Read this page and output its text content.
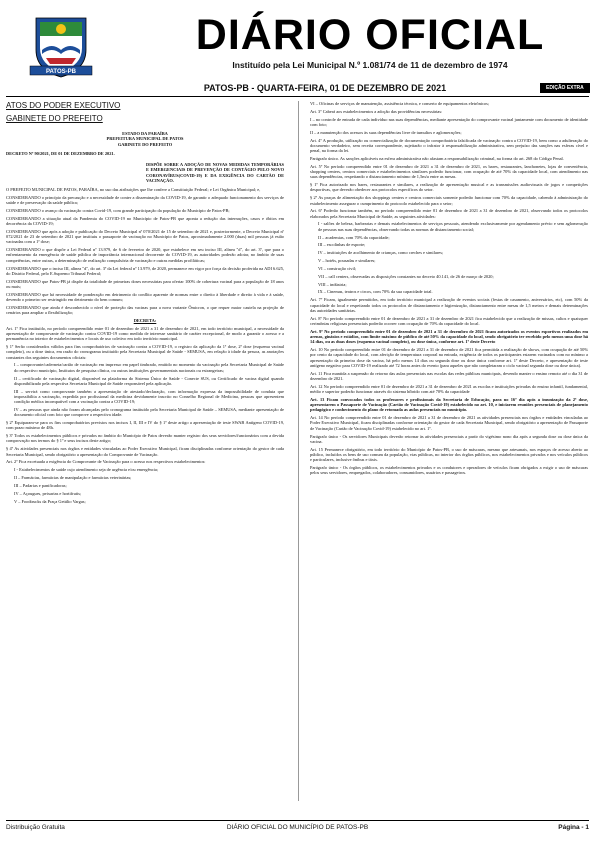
PATOS-PB
DIÁRIO OFICIAL
Instituído pela Lei Municipal N.º 1.081/74 de 11 de dezembro de 1974
PATOS-PB - QUARTA-FEIRA, 01 DE DEZEMBRO DE 2021	EDIÇÃO EXTRA

ATOS DO PODER EXECUTIVO

GABINETE DO PREFEITO

ESTADO DA PARAÍBA

PREFEITURA MUNICIPAL DE PATOS

GABINETE DO PREFEITO

DECRETO Nº 90/2021, DE 01 DE DEZEMBRO DE 2021.

DISPÕE SOBRE A ADOÇÃO DE NOVAS MEDIDAS TEMPORÁRIAS E EMERGENCIAIS DE PREVENÇÃO DE CONTÁGIO PELO NOVO CORONAVÍRUS(COVID-19) E DA EXIGÊNCIA DO CARTÃO DE VACINAÇÃO.

O PREFEITO MUNICIPAL DE PATOS, PARAÍBA, no uso das atribuições que lhe confere a Constituição Federal; e Lei Orgânica Municipal; e,

CONSIDERANDO o princípio da precaução e a necessidade de conter a disseminação da COVID-19, de garantir o adequado funcionamento dos serviços de saúde e de preservação da saúde pública;

CONSIDERANDO o avanço da vacinação contra Covid-19, com grande participação da população do Município de Patos-PB;

CONSIDERANDO a situação atual da Pandemia do COVID-19 no Município de Patos-PB que aponta a redução das internações, casos e óbitos em decorrência da COVID-19;

CONSIDERANDO que após a adoção e publicação do Decreto Municipal nº 070/2021 de 15 de setembro de 2021 e, posteriormente, o Decreto Municipal nº 072/2021 de 23 de setembro de 2021 que instituiu o passaporte de vacinação no Município de Patos, aproximadamente 2.000 (duas) mil pessoas já estão vacinadas com a 1ª dose;

CONSIDERANDO o que dispõe a Lei Federal nº 13.979, de 6 de fevereiro de 2020, que estabelece em seu inciso III, alínea "d", do art. 3º, que para o enfrentamento da emergência de saúde pública de importância internacional decorrente do COVID-19, as autoridades poderão adotar, no âmbito de suas competências, entre outras, a determinação de realização compulsória de vacinação e outras medidas profiláticas;

CONSIDERANDO que o inciso III, alínea "d", do art. 3º da Lei federal nº 13.979, de 2020, permanece em vigor por força da decisão proferida na ADI 6.625, do Distrito Federal, pelo E.Supremo Tribunal Federal;

CONSIDERANDO que Patos-PB já dispõe da totalidade de primeiras doses necessárias para ofertar 100% de cobertura vacinal para a população de 18 anos ou mais;

CONSIDERANDO que há necessidade de ponderação em detrimento do conflito aparente de normas entre o direito à liberdade e direito à vida e à saúde, devendo o primeiro ser restringido em detrimento do bem comum;

CONSIDERANDO que ainda é desconhecido o nível de proteção das vacinas para a nova variante Ômicron, o que requer maior cautela na projeção de cenários para ampliar a flexibilização;

DECRETA:

Art. 1º Fica instituído, no período compreendido entre 01 de dezembro de 2021 a 31 de dezembro de 2021, em todo território municipal, a necessidade da apresentação de comprovante de vacinação contra COVID-19 como medida de interesse sanitário de caráter excepcional, de modo a garantir o acesso e a permanência no interior de estabelecimentos e locais de uso coletivo em todo território municipal.

§ 1º Serão considerados válidos para fins comprobatórios de vacinação contra a COVID-19, o registro da aplicação da 1ª dose, 2ª dose (esquema vacinal completo), ou a dose única, em razão do cronograma instituído pela Secretaria Municipal de Saúde - SEMUSA, em relação à idade da pessoa, as anotações constantes dos seguintes documentos oficiais:

I – comprovante/caderneta/cartão de vacinação em impresso em papel timbrado, emitido no momento da vacinação pela Secretaria Municipal de Saúde do respectivo município, Institutos de pesquisa clínica, ou outras instituições governamentais nacionais ou estrangeiras;

II – certificado de vacinação digital, disponível na plataforma do Sistema Único de Saúde - Conecte SUS, ou Certificado de vacina digital quando disponibilizado pela respectiva Secretaria Municipal de Saúde responsável pela aplicação.

III – servirá como comprovante também a apresentação de atestado/declaração, com informação expressa da impossibilidade de conduta que impossibilita a vacinação, expedida por profissional da medicina devidamente inscrito no Conselho Regional de Medicina, pessoas que apresentem condição médica incompatível com a vacinação contra a COVID-19;

IV – as pessoas que ainda não foram alcançadas pelo cronograma instituído pela Secretaria Municipal de Saúde – SEMUSA, mediante apresentação de documento oficial com foto que comprove a respectiva idade.

§ 2º Equiparam-se para os fins comprobatórios previstos nos incisos I, II, III e IV do § 1º deste artigo a apresentação de teste SWAB Antígeno COVID-19, com prazo máximo de 48h.

§ 3º Todos os estabelecimentos públicos e privados no âmbito do Município de Patos deverão manter registro dos seus servidores/funcionários com a devida comprovação nos termos do § 1º e seus incisos deste artigo;

§ 4º As atividades presenciais nos órgãos e entidades vinculadas ao Poder Executivo Municipal, ficam disciplinadas conforme orientação do gestor de cada Secretaria Municipal, sendo obrigatório a apresentação do Comprovante de Vacinação.

Art. 2º Fica excetuada a exigência do Comprovante de Vacinação para o acesso nos respectivos estabelecimentos:

I - Estabelecimentos de saúde cujo atendimento seja de urgência e/ou emergência;

II – Farmácias, farmácias de manipulação e farmácias veterinárias;

III – Padarias e panificadoras;

IV – Açougues, peixarias e hortifrutis;

V – Foodtrucks da Praça Getúlio Vargas;

VI – Oficinas de serviços de manutenção, assistência técnica, e conserto de equipamentos eletrônicos;

Art. 3º Caberá aos estabelecimentos a adoção das providências necessárias:

I – no controle de entrada de cada indivíduo nas suas dependências, mediante apresentação do comprovante vacinal juntamente com documento de identidade com foto;

II – a manutenção dos acessos às suas dependências livre de tumultos e aglomerações;

Art. 4º A produção, utilização ou comercialização de documentação comprobatória falsificada de vacinação contra a COVID-19, bem como a adulteração do documento verdadeiro, sem receita correspondente, sujeitarão o infrator à responsabilização administrativa, sem prejuízo das sanções nas esferas cível e penal, na forma da lei.

Parágrafo único. As sanções aplicáveis na esfera administrativa não afastam a responsabilização criminal, na forma do art. 268 do Código Penal.

Art. 5º No período compreendido entre 01 de dezembro de 2021 a 31 de dezembro de 2021, os bares, restaurantes, lanchonetes, lojas de conveniência, shopping centers, centros comerciais e estabelecimentos similares poderão funcionar, com ocupação de até 70% da capacidade local, com atendimento nas suas dependências, respeitando o distanciamento mínimo de 1,5m/a entre as mesas.

§ 1º Fica autorizado nos bares, restaurantes e similares, a realização de apresentação musical e as transmissões audiovisuais de jogos e competições desportivas, que deverão obedecer aos protocolos específicos do setor.

§ 2º As praças de alimentação dos shoppings centers e centros comerciais somente poderão funcionar com 70% da capacidade, cabendo à administração do estabelecimento assegurar o cumprimento do protocolo estabelecido para o setor;

Art. 6º Poderão funcionar também, no período compreendido entre 01 de dezembro de 2021 a 31 de dezembro de 2021, observando todos os protocolos elaborados pela Secretaria Municipal de Saúde, as seguintes atividades:

I - salões de beleza, barbearias e demais estabelecimentos de serviços pessoais, atendendo exclusivamente por agendamento prévio e sem aglomeração de pessoas nas suas dependências, observando todas as normas de distanciamento social;

II – academias, com 70% da capacidade;

III – escolinhas de esporte;

IV – instituições de acolhimento de crianças, como creches e similares;

V – hotéis, pousadas e similares;

VI – construção civil;

VII – call centers, observadas as disposições constantes no decreto 40.141, de 26 de março de 2020;

VIII – indústria;

IX – Cinemas, teatros e circos, com 70% da sua capacidade total.

Art. 7º Ficam, igualmente permitidos, em todo território municipal a realização de eventos sociais (festas de casamento, aniversários, etc), com 50% da capacidade do local e respeitando todos os protocolos de distanciamento e higienização, distanciamento entre mesas de 1,5 metros e demais determinações das autoridades sanitárias.

Art. 8º No período compreendido entre 01 de dezembro de 2021 a 31 de dezembro de 2021 fica estabelecido que a realização de missas, cultos e quaisquer cerimônias religiosas presenciais poderão ocorrer com ocupação de 70% da capacidade do local.

Art. 9º No período compreendido entre 01 de dezembro de 2021 a 31 de dezembro de 2021 ficam autorizados os eventos esportivos realizados em arenas, ginásios e estádios, com limite máximo de público de até 50% da capacidade do local, sendo obrigatório ter recebido pelo menos uma dose há 14 dias, ou as duas doses (esquema vacinal completo), ou dose única, conforme art. 1º deste Decreto

Art. 10 No período compreendido entre 01 de dezembro de 2021 a 31 de dezembro de 2021 fica permitida a realização de shows, com ocupação de até 50% por cento da capacidade do local, com aferição de temperatura corporal na entrada, exigência de todos os participantes estarem vacinados com no mínimo a apresentação da primeira dose da vacina, há pelo menos 14 dias ou segunda dose ou dose única conforme art. 1º deste Decreto, e apresentação de teste antígeno negativo para COVID-19 realizado até 72 horas antes do evento (para aqueles que não completaram o ciclo vacinal segunda dose ou dose única).

Art. 11 Fica mantida a suspensão do retorno das aulas presenciais nas escolas das redes públicas municipais, devendo manter o ensino remoto até o dia 31 de dezembro de 2021.

Art. 12 No período compreendido entre 01 de dezembro de 2021 a 31 de dezembro de 2021 as escolas e instituições privadas do ensino infantil, fundamental, médio e superior poderão funcionar através do sistema híbrido com até 70% da capacidade

Art. 13 Ficam convocados todos os professores e profissionais da Secretaria de Educação, para no 16º dia após a imunização da 2ª dose, apresentarem o Passaporte de Vacinação (Cartão de Vacinação Covid-19) estabelecido no art. 10, e iniciarem reuniões presenciais de planejamento pedagógico e conhecimento do plano de retomada as aulas presenciais no município.

Art. 14 No período compreendido entre 01 de dezembro de 2021 a 31 de dezembro de 2021 as atividades presenciais nos órgãos e entidades vinculadas ao Poder Executivo Municipal, ficam disciplinadas conforme orientação do gestor de cada Secretaria Municipal, sendo obrigatório a apresentação de Passaporte de Vacinação (Cartão de Vacinação Covid-19) estabelecido no art. 1º.

Parágrafo único - Os servidores Municipais deverão retornar às atividades presenciais a partir do vigésimo nono dia após a segunda dose ou dose única da vacina.

Art. 15 Permanece obrigatório, em todo território do Município de Patos-PB, o uso de máscaras, mesmo que artesanais, nos espaços de acesso aberto ao público, incluídos os bens de uso comum da população, vias públicas, no interior dos órgãos públicos, nos estabelecimentos privados e nos veículos públicos e particulares, inclusive ônibus e táxis.

Parágrafo único - Os órgãos públicos, os estabelecimentos privados e os condutores e operadores de veículos ficam obrigados a exigir o uso de máscaras pelos seus servidores, empregados, colaboradores, consumidores, usuários e passageiros.

Distribuição Gratuita	DIÁRIO OFICIAL DO MUNICÍPIO DE PATOS-PB	Página - 1
